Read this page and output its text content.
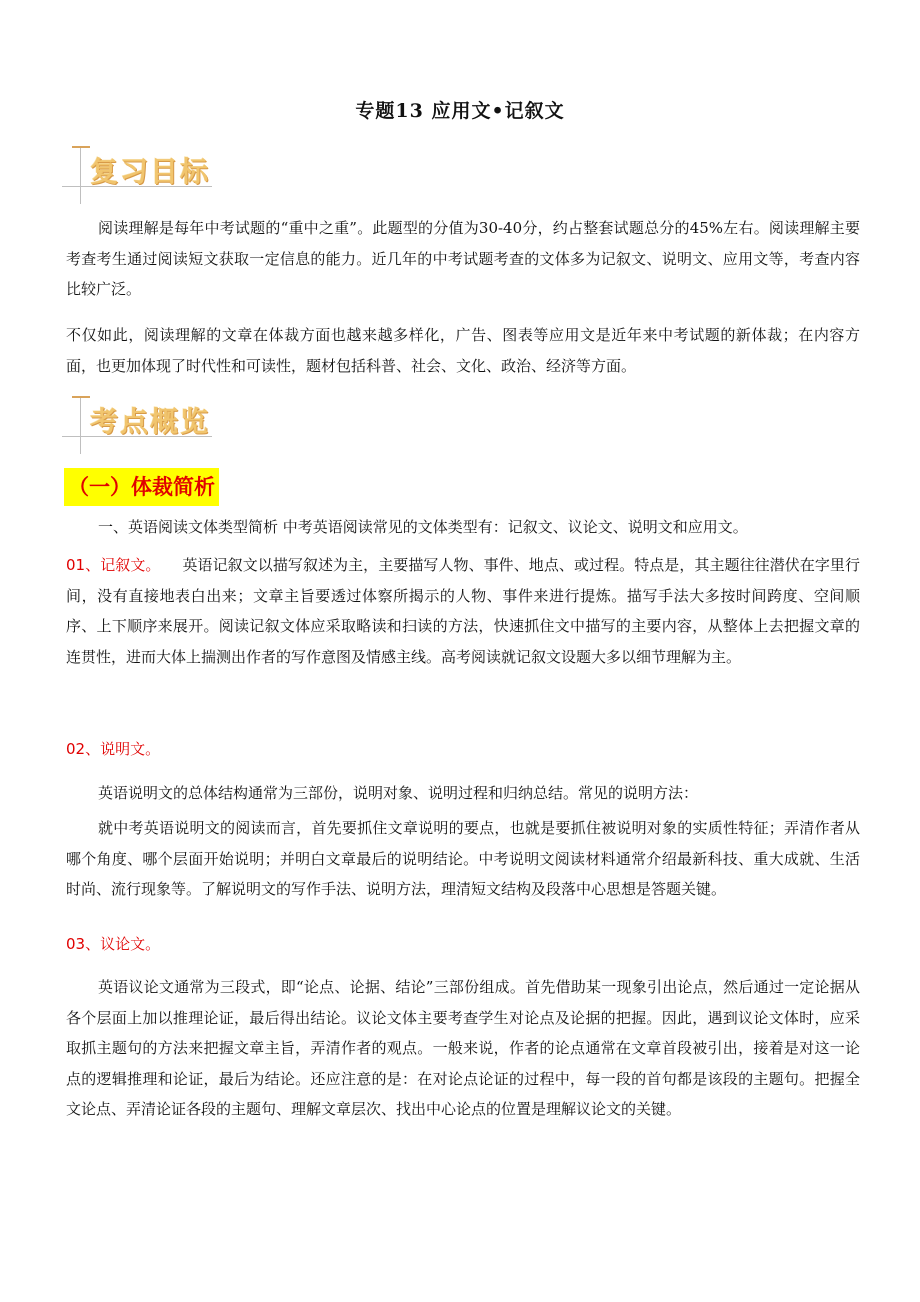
专题13 应用文•记叙文
复习目标
阅读理解是每年中考试题的“重中之重”。此题型的分值为30-40分，约占整套试题总分的45%左右。阅读理解主要考查考生通过阅读短文获取一定信息的能力。近几年的中考试题考查的文体多为记叙文、说明文、应用文等，考查内容比较广泛。
不仅如此，阅读理解的文章在体裁方面也越来越多样化，广告、图表等应用文是近年来中考试题的新体裁；在内容方面，也更加体现了时代性和可读性，题材包括科普、社会、文化、政治、经济等方面。
考点概览
（一）体裁简析
一、英语阅读文体类型简析 中考英语阅读常见的文体类型有：记叙文、议论文、说明文和应用文。
01、记叙文。 英语记叙文以描写叙述为主，主要描写人物、事件、地点、或过程。特点是，其主题往往潜伏在字里行间，没有直接地表白出来；文章主旨要透过体察所揭示的人物、事件来进行提炼。描写手法大多按时间跨度、空间顺序、上下顺序来展开。阅读记叙文体应采取略读和扫读的方法，快速抓住文中描写的主要内容，从整体上去把握文章的连贯性，进而大体上揣测出作者的写作意图及情感主线。高考阅读就记叙文设题大多以细节理解为主。
02、说明文。
英语说明文的总体结构通常为三部份，说明对象、说明过程和归纳总结。常见的说明方法：
就中考英语说明文的阅读而言，首先要抓住文章说明的要点，也就是要抓住被说明对象的实质性特征；弄清作者从哪个角度、哪个层面开始说明；并明白文章最后的说明结论。中考说明文阅读材料通常介绍最新科技、重大成就、生活时尚、流行现象等。了解说明文的写作手法、说明方法，理清短文结构及段落中心思想是答题关键。
03、议论文。
英语议论文通常为三段式，即“论点、论据、结论”三部份组成。首先借助某一现象引出论点，然后通过一定论据从各个层面上加以推理论证，最后得出结论。议论文体主要考查学生对论点及论据的把握。因此，遇到议论文体时，应采取抓主题句的方法来把握文章主旨，弄清作者的观点。一般来说，作者的论点通常在文章首段被引出，接着是对这一论点的逻辑推理和论证，最后为结论。还应注意的是：在对论点论证的过程中，每一段的首句都是该段的主题句。把握全文论点、弄清论证各段的主题句、理解文章层次、找出中心论点的位置是理解议论文的关键。
